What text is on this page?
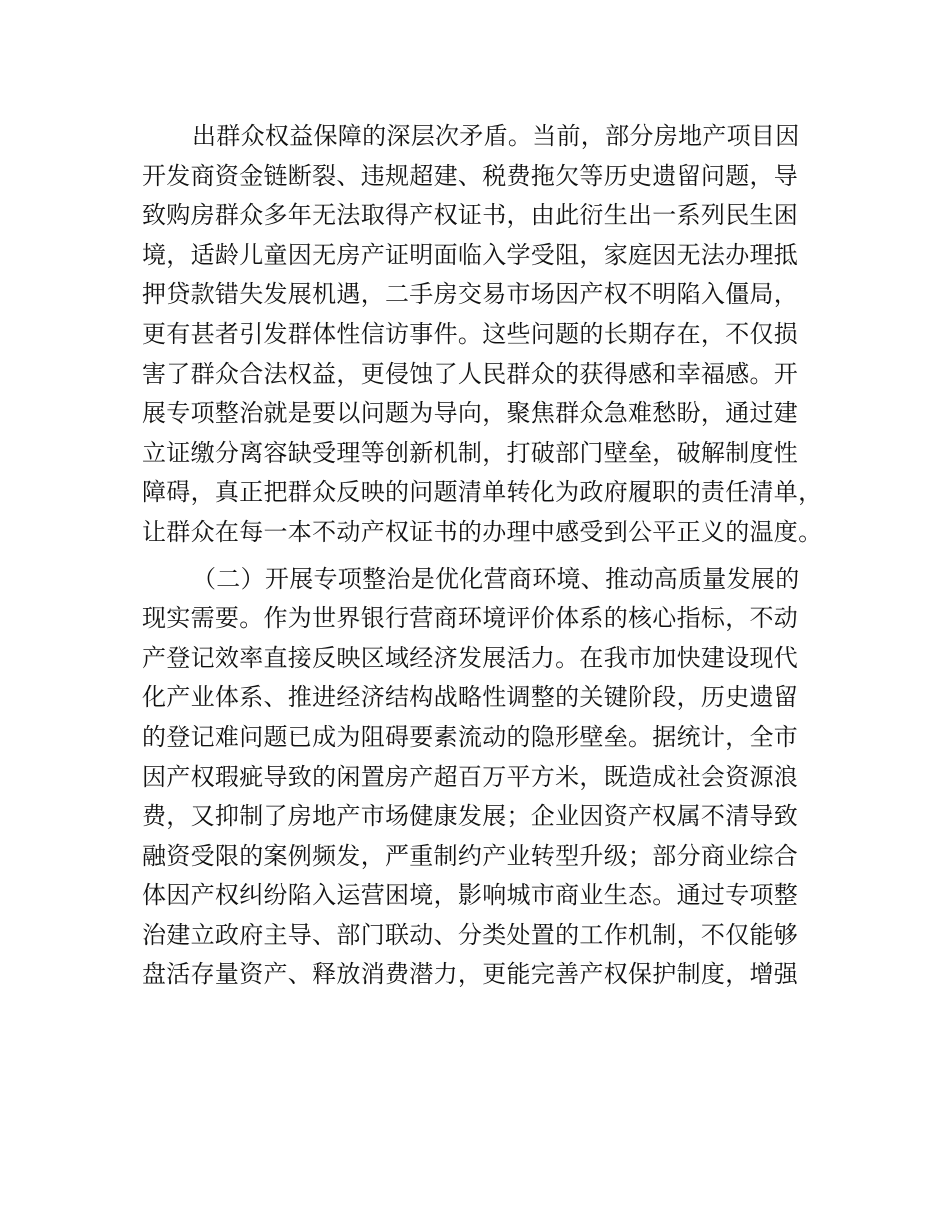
出群众权益保障的深层次矛盾。当前，部分房地产项目因
开发商资金链断裂、违规超建、税费拖欠等历史遗留问题，导
致购房群众多年无法取得产权证书，由此衍生出一系列民生困
境，适龄儿童因无房产证明面临入学受阻，家庭因无法办理抵
押贷款错失发展机遇，二手房交易市场因产权不明陷入僵局，
更有甚者引发群体性信访事件。这些问题的长期存在，不仅损
害了群众合法权益，更侵蚀了人民群众的获得感和幸福感。开
展专项整治就是要以问题为导向，聚焦群众急难愁盼，通过建
立证缴分离容缺受理等创新机制，打破部门壁垒，破解制度性
障碍，真正把群众反映的问题清单转化为政府履职的责任清单，
让群众在每一本不动产权证书的办理中感受到公平正义的温度。
（二）开展专项整治是优化营商环境、推动高质量发展的
现实需要。作为世界银行营商环境评价体系的核心指标，不动
产登记效率直接反映区域经济发展活力。在我市加快建设现代
化产业体系、推进经济结构战略性调整的关键阶段，历史遗留
的登记难问题已成为阻碍要素流动的隐形壁垒。据统计，全市
因产权瑕疵导致的闲置房产超百万平方米，既造成社会资源浪
费，又抑制了房地产市场健康发展；企业因资产权属不清导致
融资受限的案例频发，严重制约产业转型升级；部分商业综合
体因产权纠纷陷入运营困境，影响城市商业生态。通过专项整
治建立政府主导、部门联动、分类处置的工作机制，不仅能够
盘活存量资产、释放消费潜力，更能完善产权保护制度，增强
